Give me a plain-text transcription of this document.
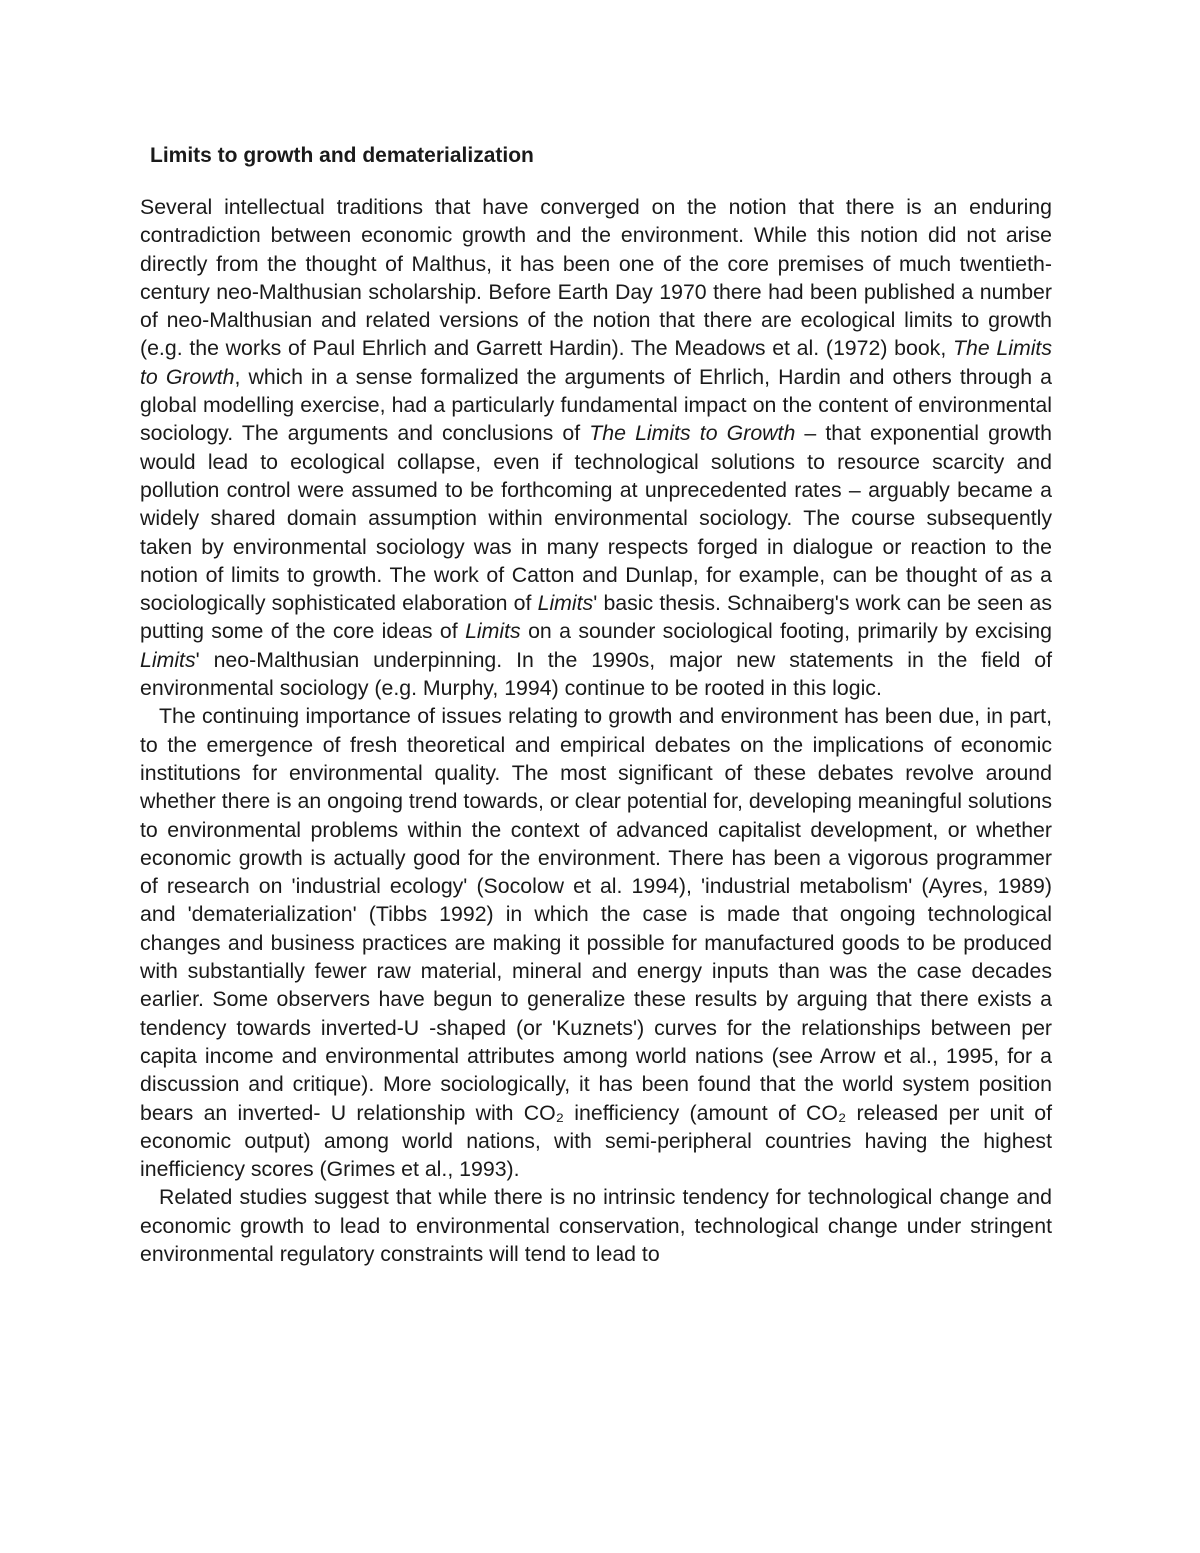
Limits to growth and dematerialization

Several intellectual traditions that have converged on the notion that there is an enduring contradiction between economic growth and the environment. While this notion did not arise directly from the thought of Malthus, it has been one of the core premises of much twentieth-century neo-Malthusian scholarship. Before Earth Day 1970 there had been published a number of neo-Malthusian and related versions of the notion that there are ecological limits to growth (e.g. the works of Paul Ehrlich and Garrett Hardin). The Meadows et al. (1972) book, The Limits to Growth, which in a sense formalized the arguments of Ehrlich, Hardin and others through a global modelling exercise, had a particularly fundamental impact on the content of environmental sociology. The arguments and conclusions of The Limits to Growth – that exponential growth would lead to ecological collapse, even if technological solutions to resource scarcity and pollution control were assumed to be forthcoming at unprecedented rates – arguably became a widely shared domain assumption within environmental sociology. The course subsequently taken by environmental sociology was in many respects forged in dialogue or reaction to the notion of limits to growth. The work of Catton and Dunlap, for example, can be thought of as a sociologically sophisticated elaboration of Limits' basic thesis. Schnaiberg's work can be seen as putting some of the core ideas of Limits on a sounder sociological footing, primarily by excising Limits' neo-Malthusian underpinning. In the 1990s, major new statements in the field of environmental sociology (e.g. Murphy, 1994) continue to be rooted in this logic.

The continuing importance of issues relating to growth and environment has been due, in part, to the emergence of fresh theoretical and empirical debates on the implications of economic institutions for environmental quality. The most significant of these debates revolve around whether there is an ongoing trend towards, or clear potential for, developing meaningful solutions to environmental problems within the context of advanced capitalist development, or whether economic growth is actually good for the environment. There has been a vigorous programmer of research on 'industrial ecology' (Socolow et al. 1994), 'industrial metabolism' (Ayres, 1989) and 'dematerialization' (Tibbs 1992) in which the case is made that ongoing technological changes and business practices are making it possible for manufactured goods to be produced with substantially fewer raw material, mineral and energy inputs than was the case decades earlier. Some observers have begun to generalize these results by arguing that there exists a tendency towards inverted-U -shaped (or 'Kuznets') curves for the relationships between per capita income and environmental attributes among world nations (see Arrow et al., 1995, for a discussion and critique). More sociologically, it has been found that the world system position bears an inverted- U relationship with CO₂ inefficiency (amount of CO₂ released per unit of economic output) among world nations, with semi-peripheral countries having the highest inefficiency scores (Grimes et al., 1993).

Related studies suggest that while there is no intrinsic tendency for technological change and economic growth to lead to environmental conservation, technological change under stringent environmental regulatory constraints will tend to lead to
